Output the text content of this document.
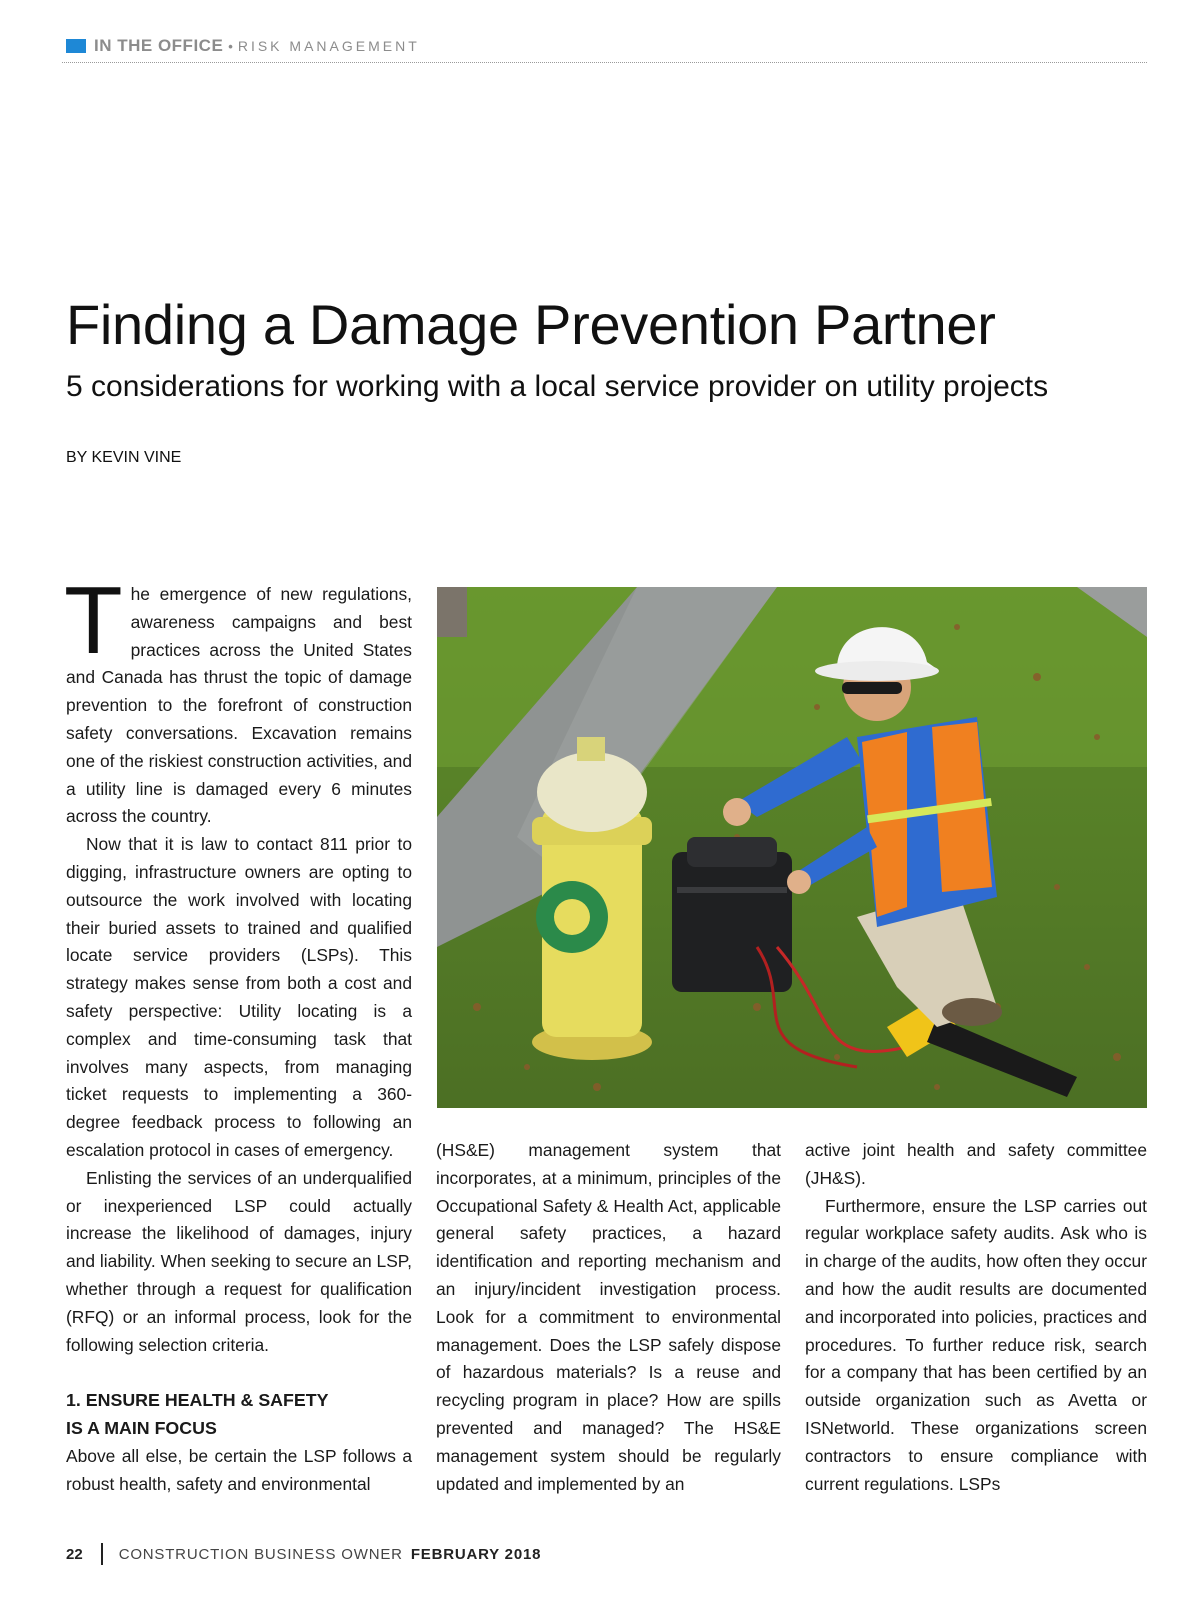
IN THE OFFICE • RISK MANAGEMENT
Finding a Damage Prevention Partner
5 considerations for working with a local service provider on utility projects
BY KEVIN VINE

The emergence of new regulations, awareness campaigns and best practices across the United States and Canada has thrust the topic of damage prevention to the forefront of construction safety conversations. Excavation remains one of the riskiest construction activities, and a utility line is damaged every 6 minutes across the country.

Now that it is law to contact 811 prior to digging, infrastructure owners are opting to outsource the work involved with locating their buried assets to trained and qualified locate service providers (LSPs). This strategy makes sense from both a cost and safety perspective: Utility locating is a complex and time-consuming task that involves many aspects, from managing ticket requests to implementing a 360-degree feedback process to following an escalation protocol in cases of emergency.

Enlisting the services of an underqualified or inexperienced LSP could actually increase the likelihood of damages, injury and liability. When seeking to secure an LSP, whether through a request for qualification (RFQ) or an informal process, look for the following selection criteria.

1. ENSURE HEALTH & SAFETY
IS A MAIN FOCUS

Above all else, be certain the LSP follows a robust health, safety and environmental

(HS&E) management system that incorporates, at a minimum, principles of the Occupational Safety & Health Act, applicable general safety practices, a hazard identification and reporting mechanism and an injury/incident investigation process. Look for a commitment to environmental management. Does the LSP safely dispose of hazardous materials? Is a reuse and recycling program in place? How are spills prevented and managed? The HS&E management system should be regularly updated and implemented by an

active joint health and safety committee (JH&S).

Furthermore, ensure the LSP carries out regular workplace safety audits. Ask who is in charge of the audits, how often they occur and how the audit results are documented and incorporated into policies, practices and procedures. To further reduce risk, search for a company that has been certified by an outside organization such as Avetta or ISNetworld. These organizations screen contractors to ensure compliance with current regulations. LSPs

22 CONSTRUCTION BUSINESS OWNER FEBRUARY 2018
